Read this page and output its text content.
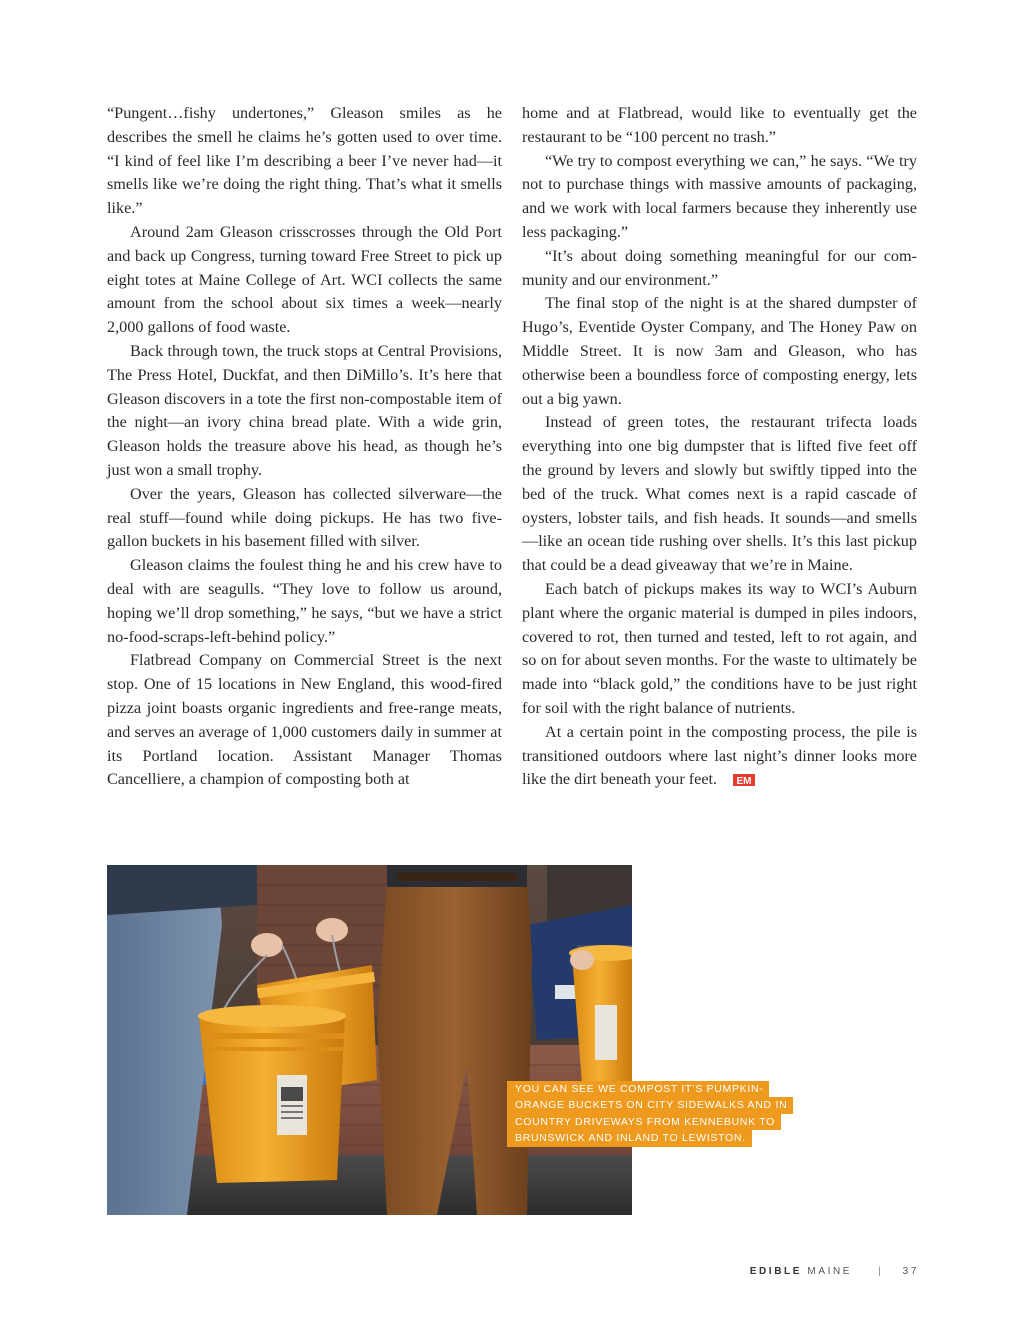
“Pungent…fishy undertones,” Gleason smiles as he describes the smell he claims he’s gotten used to over time. “I kind of feel like I’m describing a beer I’ve never had—it smells like we’re doing the right thing. That’s what it smells like.”

Around 2am Gleason crisscrosses through the Old Port and back up Congress, turning toward Free Street to pick up eight totes at Maine College of Art. WCI collects the same amount from the school about six times a week—nearly 2,000 gallons of food waste.

Back through town, the truck stops at Central Provisions, The Press Hotel, Duckfat, and then DiMillo’s. It’s here that Gleason discovers in a tote the first non-compostable item of the night—an ivory china bread plate. With a wide grin, Gleason holds the treasure above his head, as though he’s just won a small trophy.

Over the years, Gleason has collected silverware—the real stuff—found while doing pickups. He has two five-gallon buckets in his basement filled with silver.

Gleason claims the foulest thing he and his crew have to deal with are seagulls. “They love to follow us around, hoping we’ll drop something,” he says, “but we have a strict no-food-scraps-left-behind policy.”

Flatbread Company on Commercial Street is the next stop. One of 15 locations in New England, this wood-fired pizza joint boasts organic ingredients and free-range meats, and serves an average of 1,000 customers daily in summer at its Portland location. Assistant Manager Thomas Cancelliere, a champion of composting both at

home and at Flatbread, would like to eventually get the restaurant to be “100 percent no trash.”

“We try to compost everything we can,” he says. “We try not to purchase things with massive amounts of packaging, and we work with local farmers because they inherently use less packaging.”

“It’s about doing something meaningful for our community and our environment.”

The final stop of the night is at the shared dumpster of Hugo’s, Eventide Oyster Company, and The Honey Paw on Middle Street. It is now 3am and Gleason, who has otherwise been a boundless force of composting energy, lets out a big yawn.

Instead of green totes, the restaurant trifecta loads everything into one big dumpster that is lifted five feet off the ground by levers and slowly but swiftly tipped into the bed of the truck. What comes next is a rapid cascade of oysters, lobster tails, and fish heads. It sounds—and smells—like an ocean tide rushing over shells. It’s this last pickup that could be a dead giveaway that we’re in Maine.

Each batch of pickups makes its way to WCI’s Auburn plant where the organic material is dumped in piles indoors, covered to rot, then turned and tested, left to rot again, and so on for about seven months. For the waste to ultimately be made into “black gold,” the conditions have to be just right for soil with the right balance of nutrients.

At a certain point in the composting process, the pile is transitioned outdoors where last night’s dinner looks more like the dirt beneath your feet. EM

YOU CAN SEE WE COMPOST IT’S PUMPKIN-
ORANGE BUCKETS ON CITY SIDEWALKS AND IN
COUNTRY DRIVEWAYS FROM KENNEBUNK TO
BRUNSWICK AND INLAND TO LEWISTON.
EDIBLE MAINE	| 37
